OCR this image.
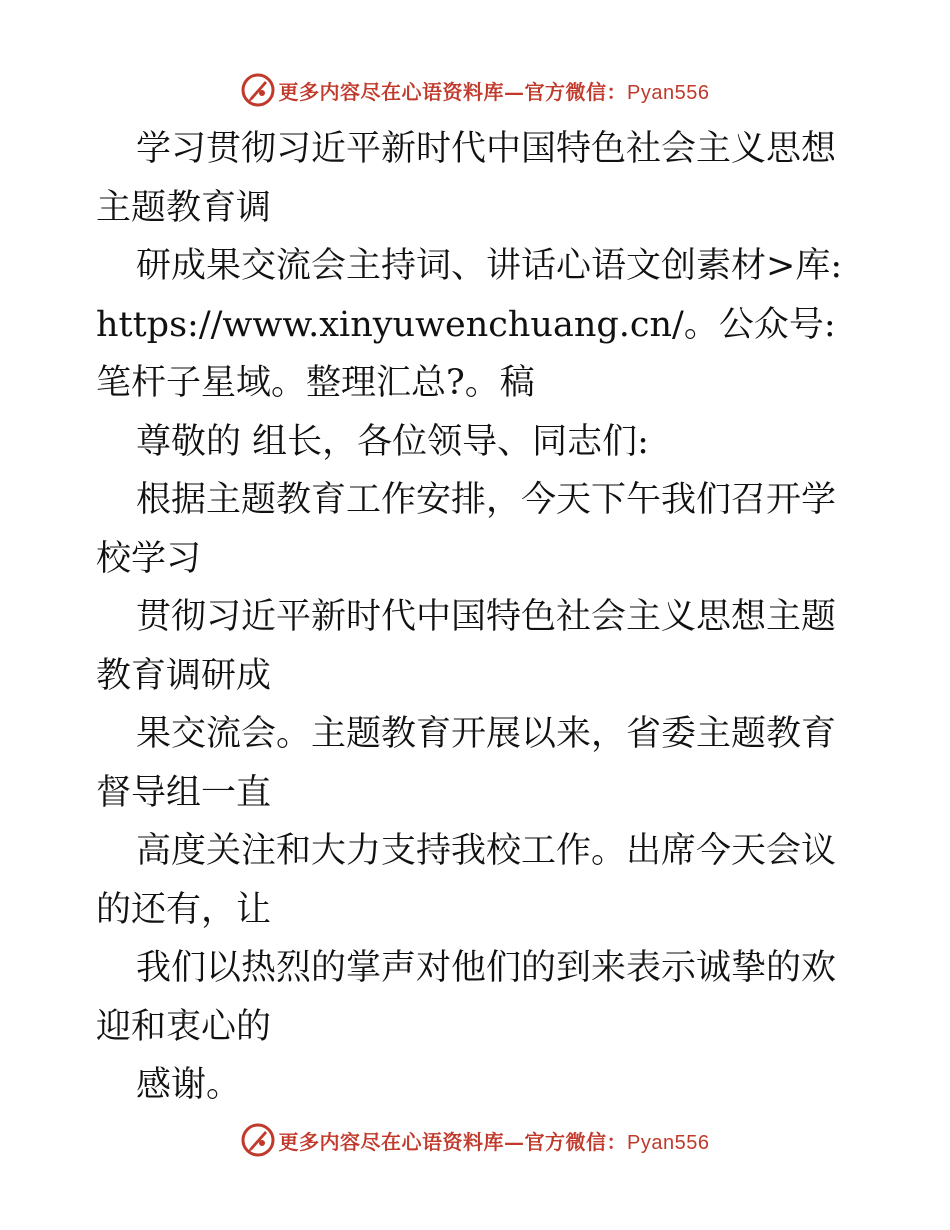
更多内容尽在心语资料库—官方微信：Pyan556

学习贯彻习近平新时代中国特色社会主义思想主题教育调

研成果交流会主持词、讲话心语文创素材>库: https://www.xinyuwenchuang.cn/。公众号: 笔杆子星域。整理汇总?。稿

尊敬的 组长，各位领导、同志们:

根据主题教育工作安排，今天下午我们召开学校学习

贯彻习近平新时代中国特色社会主义思想主题教育调研成

果交流会。主题教育开展以来，省委主题教育督导组一直

高度关注和大力支持我校工作。出席今天会议的还有，让

我们以热烈的掌声对他们的到来表示诚挚的欢迎和衷心的

感谢。

更多内容尽在心语资料库—官方微信：Pyan556
